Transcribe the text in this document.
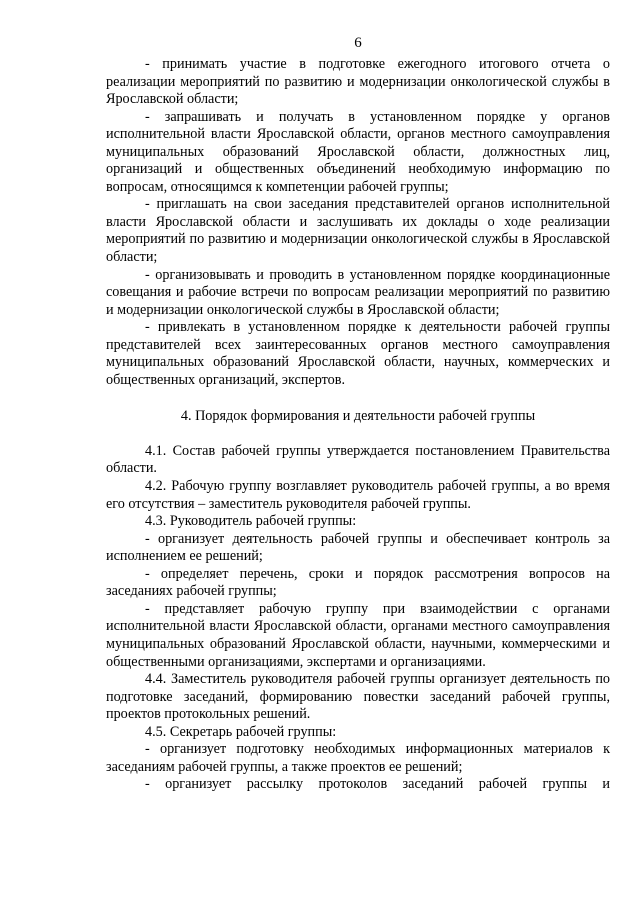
6

- принимать участие в подготовке ежегодного итогового отчета о реализации мероприятий по развитию и модернизации онкологической службы в Ярославской области;

- запрашивать и получать в установленном порядке у органов исполнительной власти Ярославской области, органов местного самоуправления муниципальных образований Ярославской области, должностных лиц, организаций и общественных объединений необходимую информацию по вопросам, относящимся к компетенции рабочей группы;

- приглашать на свои заседания представителей органов исполнительной власти Ярославской области и заслушивать их доклады о ходе реализации мероприятий по развитию и модернизации онкологической службы в Ярославской области;

- организовывать и проводить в установленном порядке координационные совещания и рабочие встречи по вопросам реализации мероприятий по развитию и модернизации онкологической службы в Ярославской области;

- привлекать в установленном порядке к деятельности рабочей группы представителей всех заинтересованных органов местного самоуправления муниципальных образований Ярославской области, научных, коммерческих и общественных организаций, экспертов.

4. Порядок формирования и деятельности рабочей группы

4.1. Состав рабочей группы утверждается постановлением Правительства области.

4.2. Рабочую группу возглавляет руководитель рабочей группы, а во время его отсутствия – заместитель руководителя рабочей группы.

4.3. Руководитель рабочей группы:

- организует деятельность рабочей группы и обеспечивает контроль за исполнением ее решений;

- определяет перечень, сроки и порядок рассмотрения вопросов на заседаниях рабочей группы;

- представляет рабочую группу при взаимодействии с органами исполнительной власти Ярославской области, органами местного самоуправления муниципальных образований Ярославской области, научными, коммерческими и общественными организациями, экспертами и организациями.

4.4. Заместитель руководителя рабочей группы организует деятельность по подготовке заседаний, формированию повестки заседаний рабочей группы, проектов протокольных решений.

4.5. Секретарь рабочей группы:

- организует подготовку необходимых информационных материалов к заседаниям рабочей группы, а также проектов ее решений;

- организует рассылку протоколов заседаний рабочей группы и
